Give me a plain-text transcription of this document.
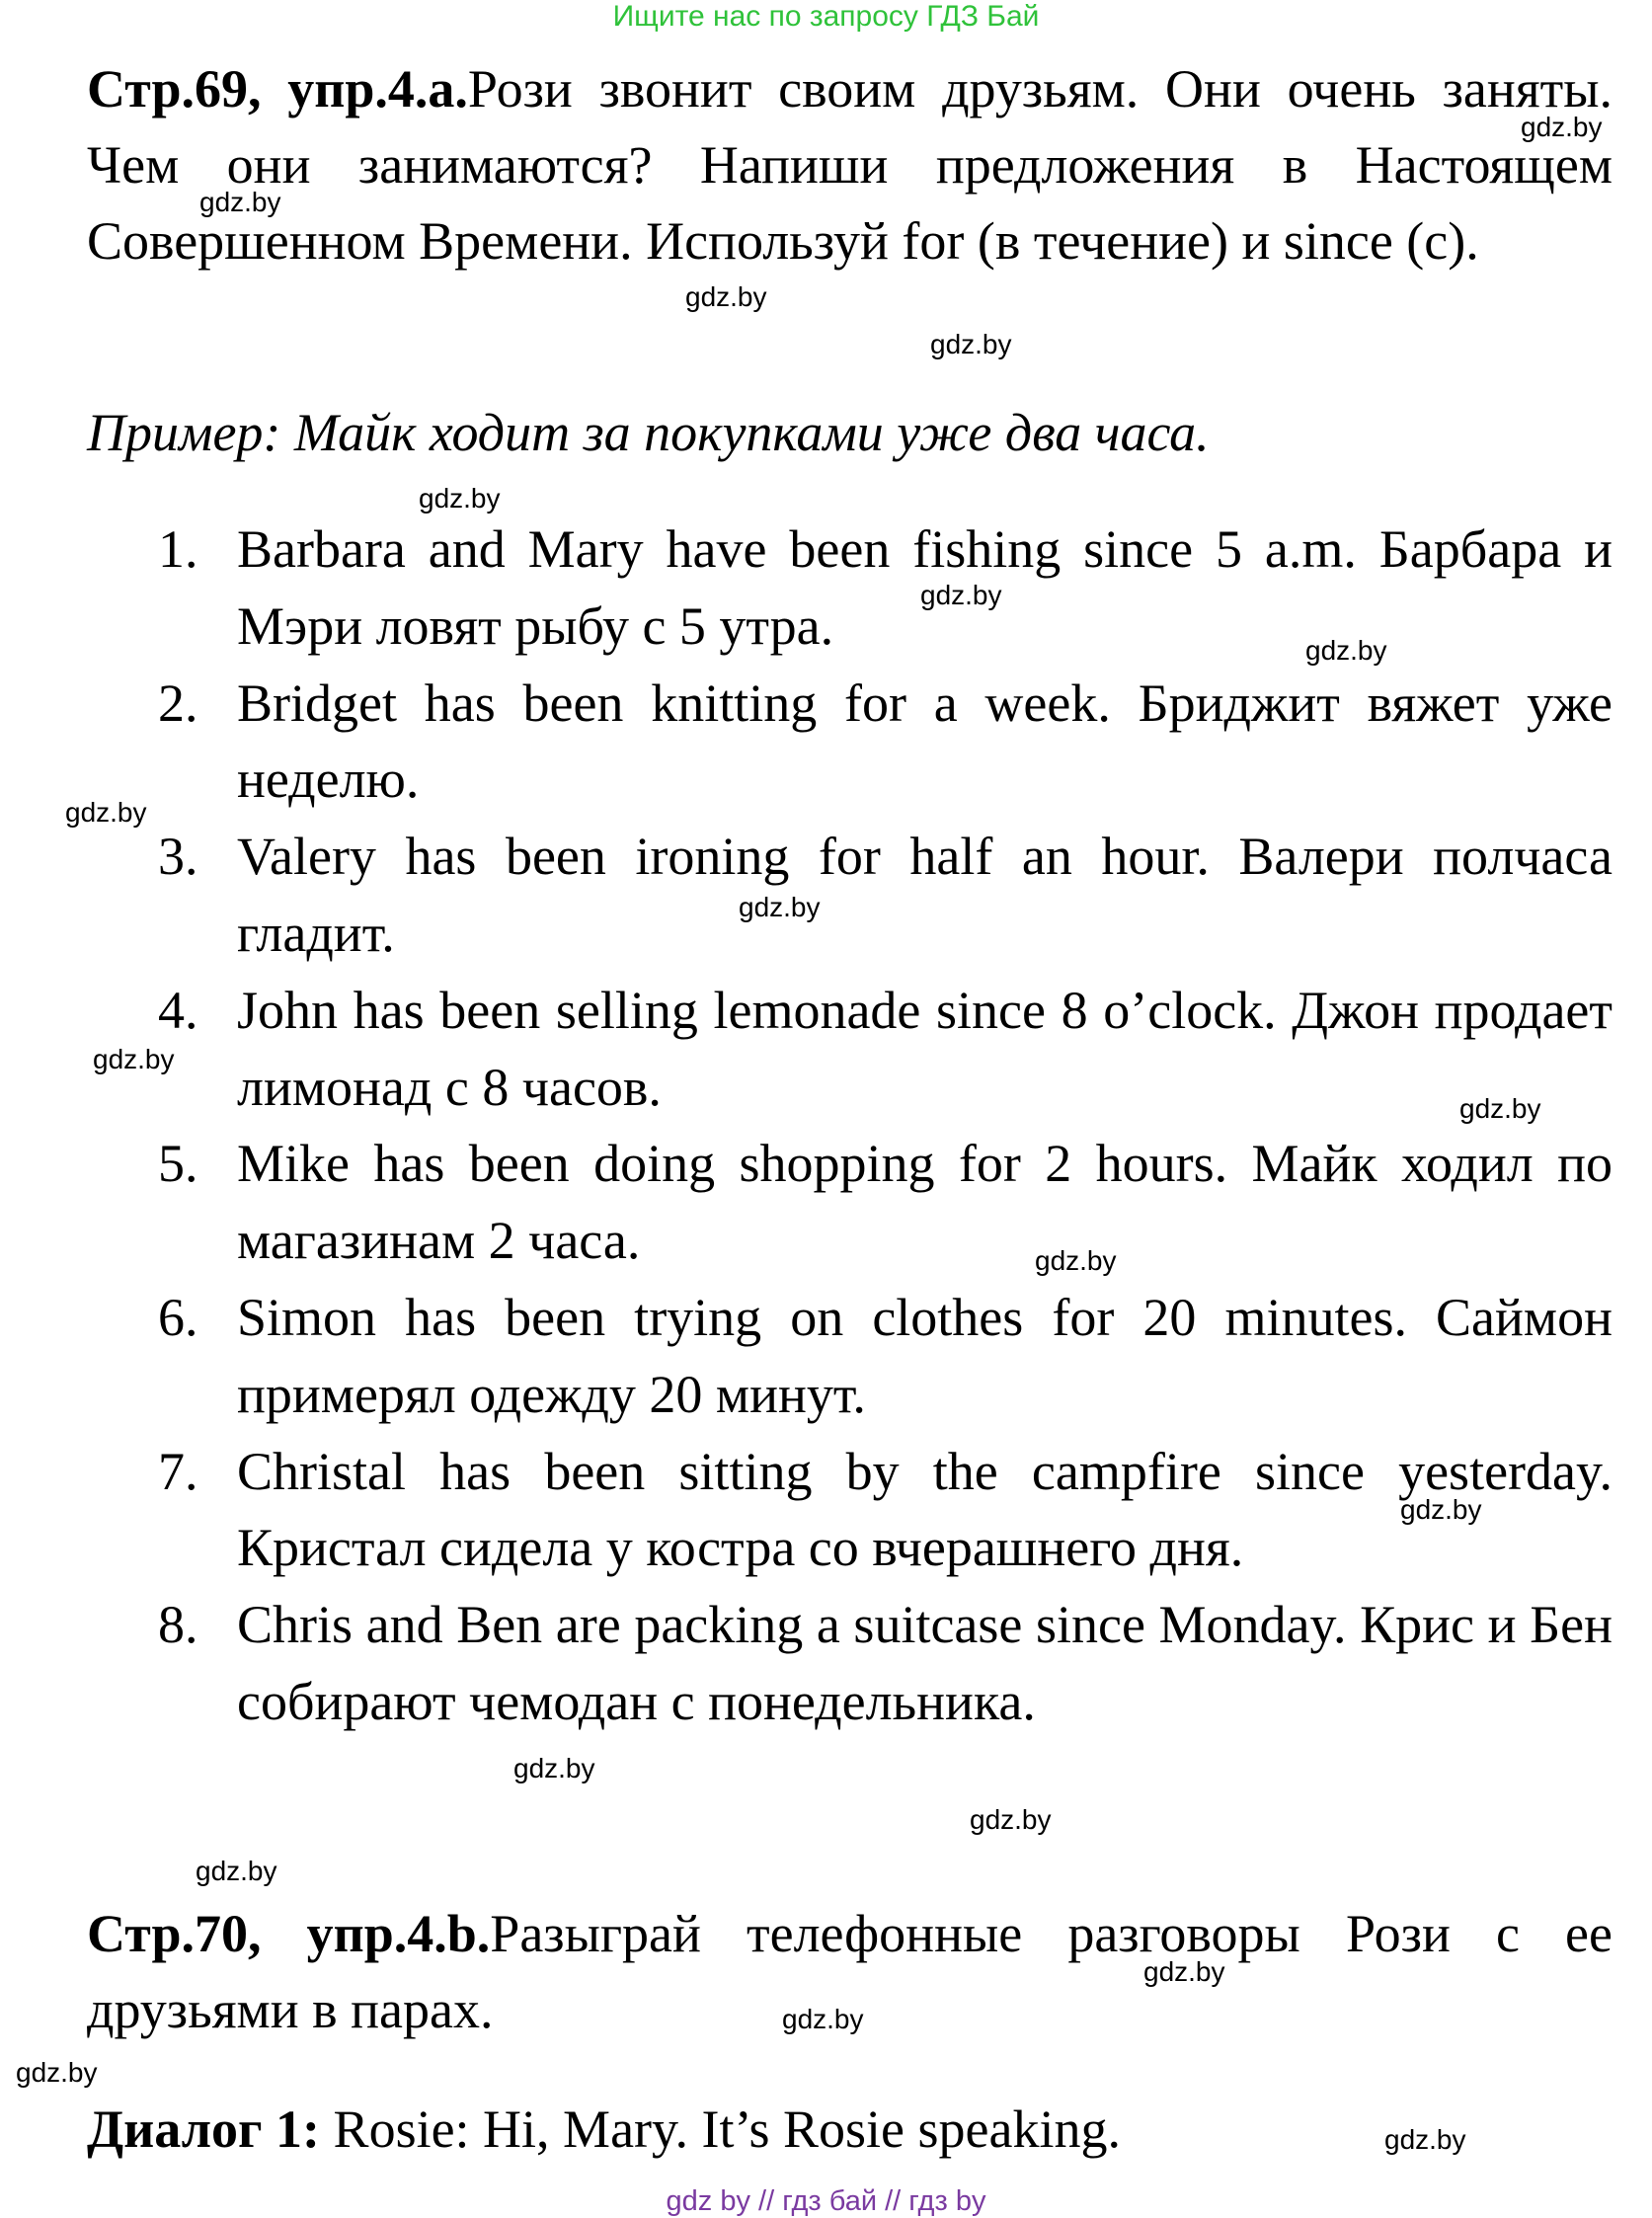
Ищите нас по запросу ГДЗ Бай

Стр.69, упр.4.a.Рози звонит своим друзьям. Они очень заняты. Чем они занимаются? Напиши предложения в Настоящем Совершенном Времени. Используй for (в течение) и since (c).

Пример: Майк ходит за покупками уже два часа.

1. Barbara and Mary have been fishing since 5 a.m. Барбара и Мэри ловят рыбу с 5 утра.
2. Bridget has been knitting for a week. Бриджит вяжет уже неделю.
3. Valery has been ironing for half an hour. Валери полчаса гладит.
4. John has been selling lemonade since 8 o’clock. Джон продает лимонад с 8 часов.
5. Mike has been doing shopping for 2 hours. Майк ходил по магазинам 2 часа.
6. Simon has been trying on clothes for 20 minutes. Саймон примерял одежду 20 минут.
7. Christal has been sitting by the campfire since yesterday. Кристал сидела у костра со вчерашнего дня.
8. Chris and Ben are packing a suitcase since Monday. Крис и Бен собирают чемодан с понедельника.

Стр.70, упр.4.b.Разыграй телефонные разговоры Рози с ее друзьями в парах.

Диалог 1: Rosie: Hi, Mary. It’s Rosie speaking.

gdz.by
gdz.by
gdz.by
gdz.by
gdz.by
gdz.by
gdz.by
gdz.by
gdz.by
gdz.by
gdz.by
gdz.by
gdz.by
gdz.by
gdz.by
gdz.by
gdz.by
gdz.by
gdz.by
gdz.by
gdz by // гдз бай // гдз by
